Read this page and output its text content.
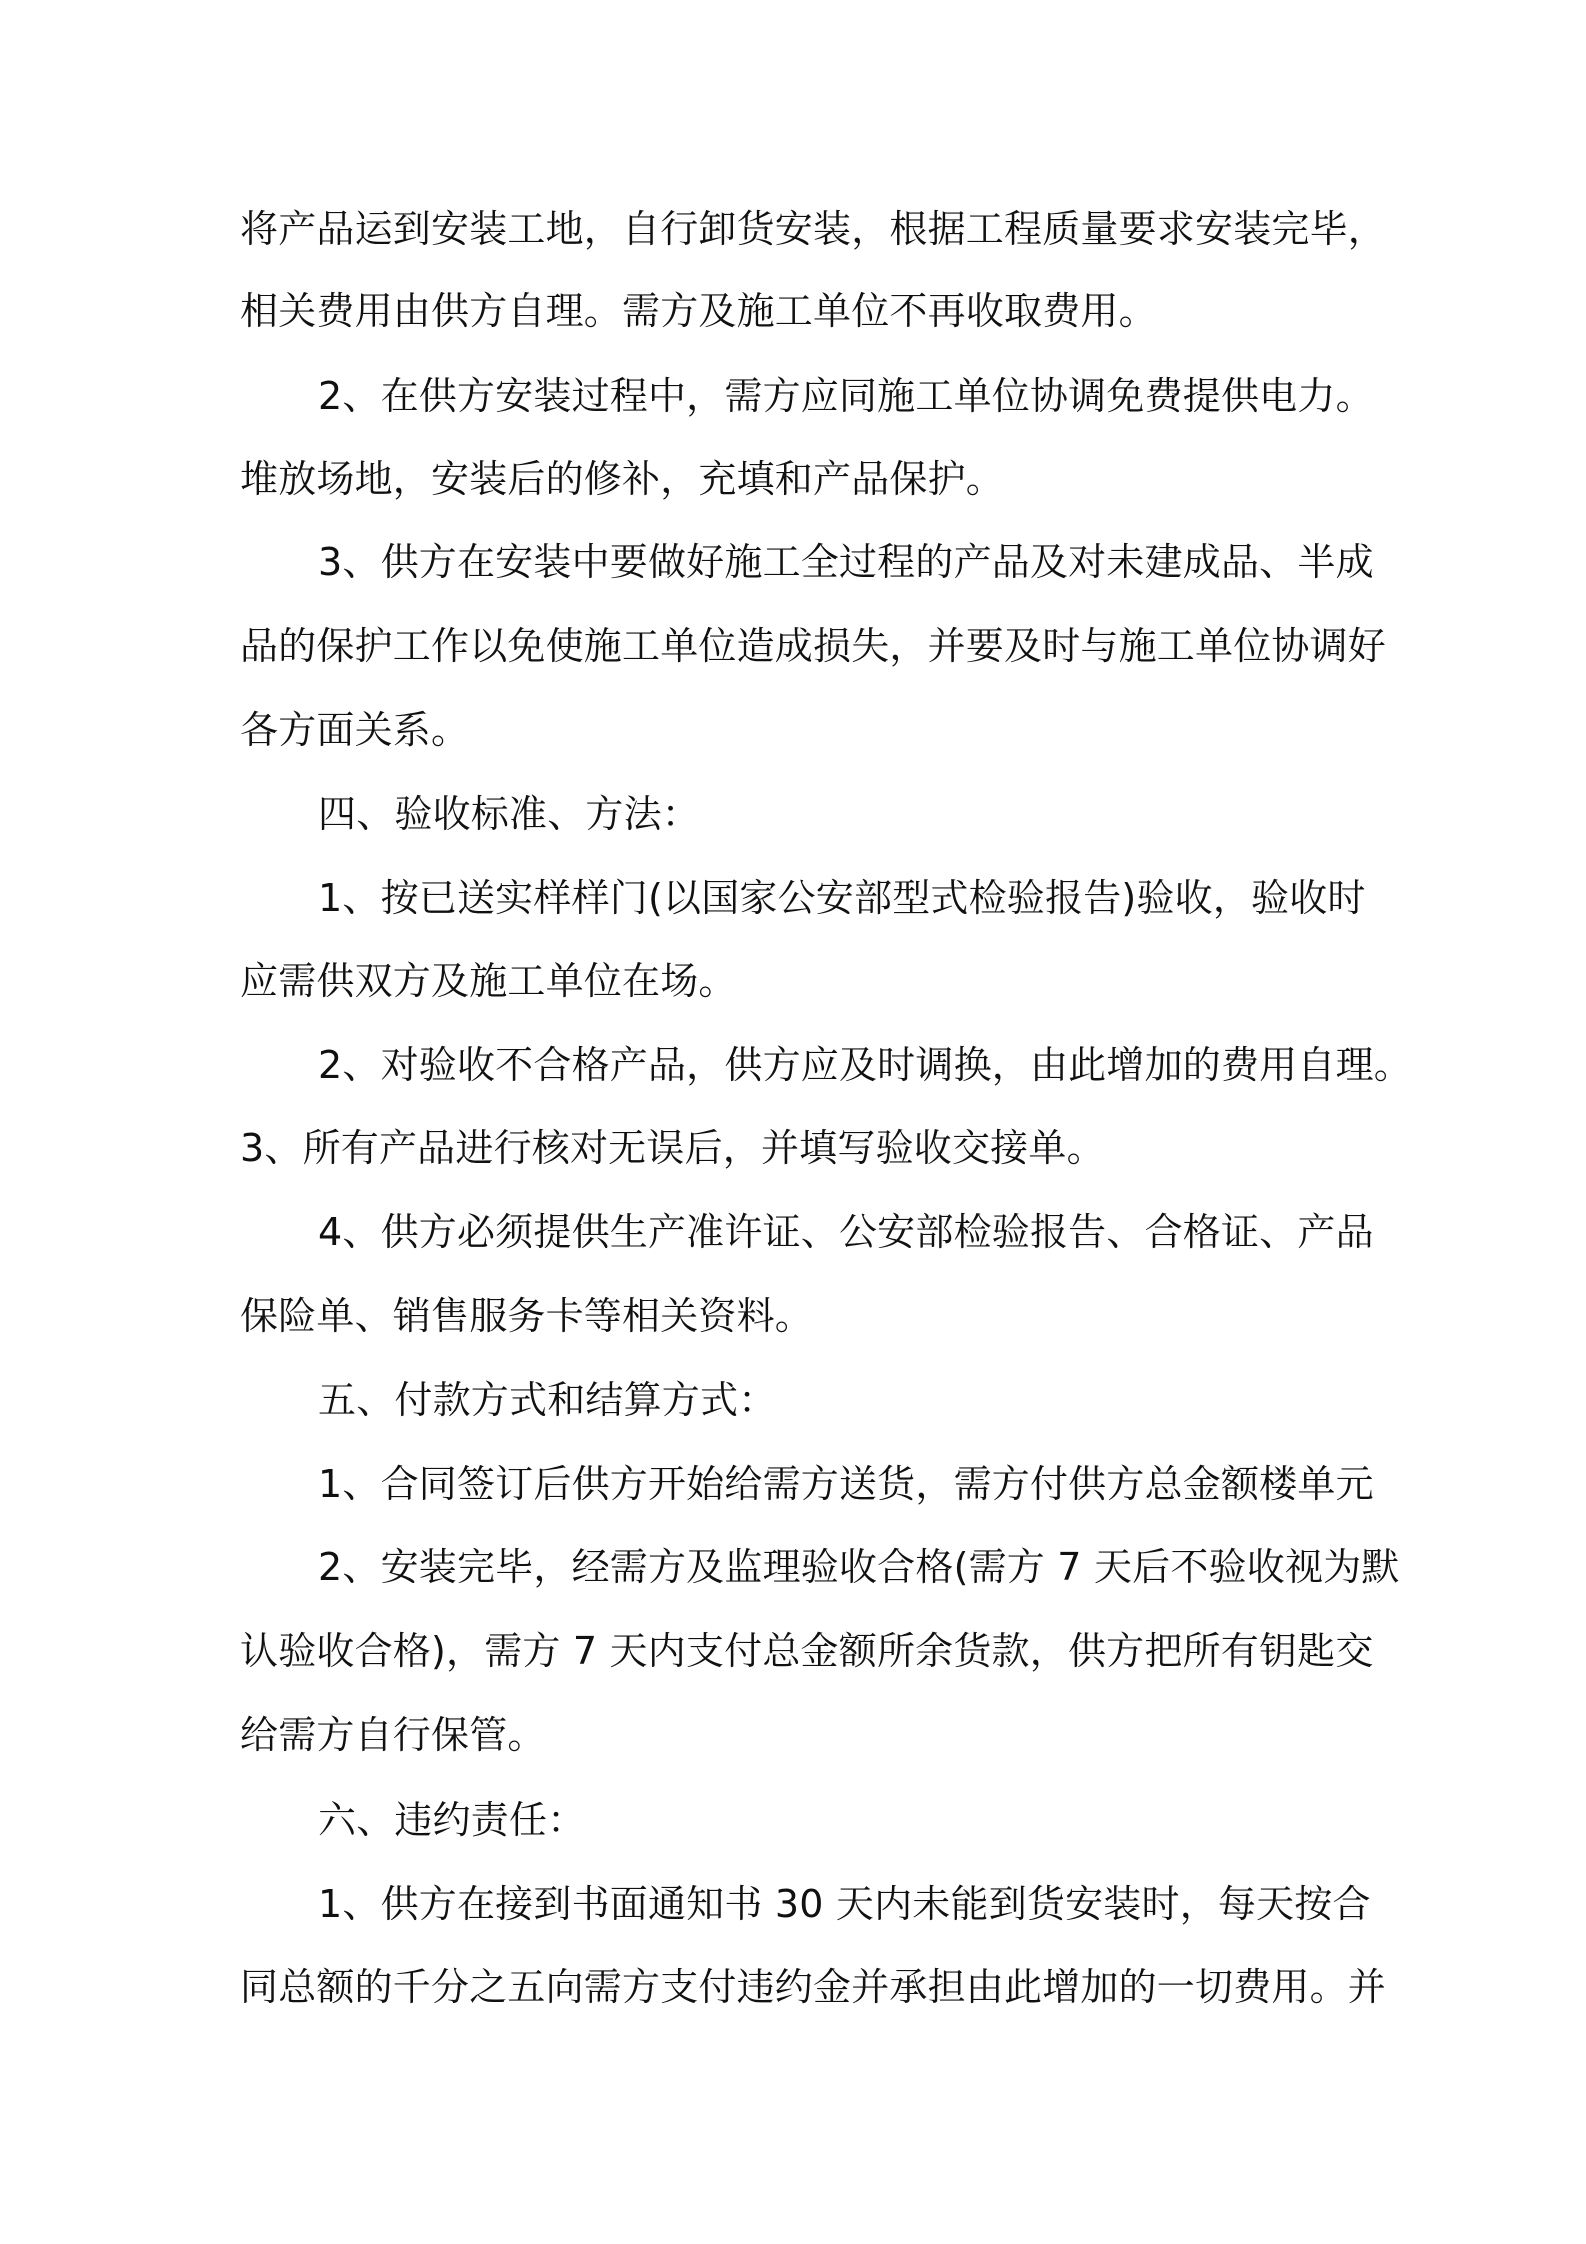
将产品运到安装工地，自行卸货安装，根据工程质量要求安装完毕，
相关费用由供方自理。需方及施工单位不再收取费用。
2、在供方安装过程中，需方应同施工单位协调免费提供电力。
堆放场地，安装后的修补，充填和产品保护。
3、供方在安装中要做好施工全过程的产品及对未建成品、半成
品的保护工作以免使施工单位造成损失，并要及时与施工单位协调好
各方面关系。
四、验收标准、方法：
1、按已送实样样门(以国家公安部型式检验报告)验收，验收时
应需供双方及施工单位在场。
2、对验收不合格产品，供方应及时调换，由此增加的费用自理。
3、所有产品进行核对无误后，并填写验收交接单。
4、供方必须提供生产准许证、公安部检验报告、合格证、产品
保险单、销售服务卡等相关资料。
五、付款方式和结算方式：
1、合同签订后供方开始给需方送货，需方付供方总金额楼单元
2、安装完毕，经需方及监理验收合格(需方 7 天后不验收视为默
认验收合格)，需方 7 天内支付总金额所余货款，供方把所有钥匙交
给需方自行保管。
六、违约责任：
1、供方在接到书面通知书 30 天内未能到货安装时，每天按合
同总额的千分之五向需方支付违约金并承担由此增加的一切费用。并
